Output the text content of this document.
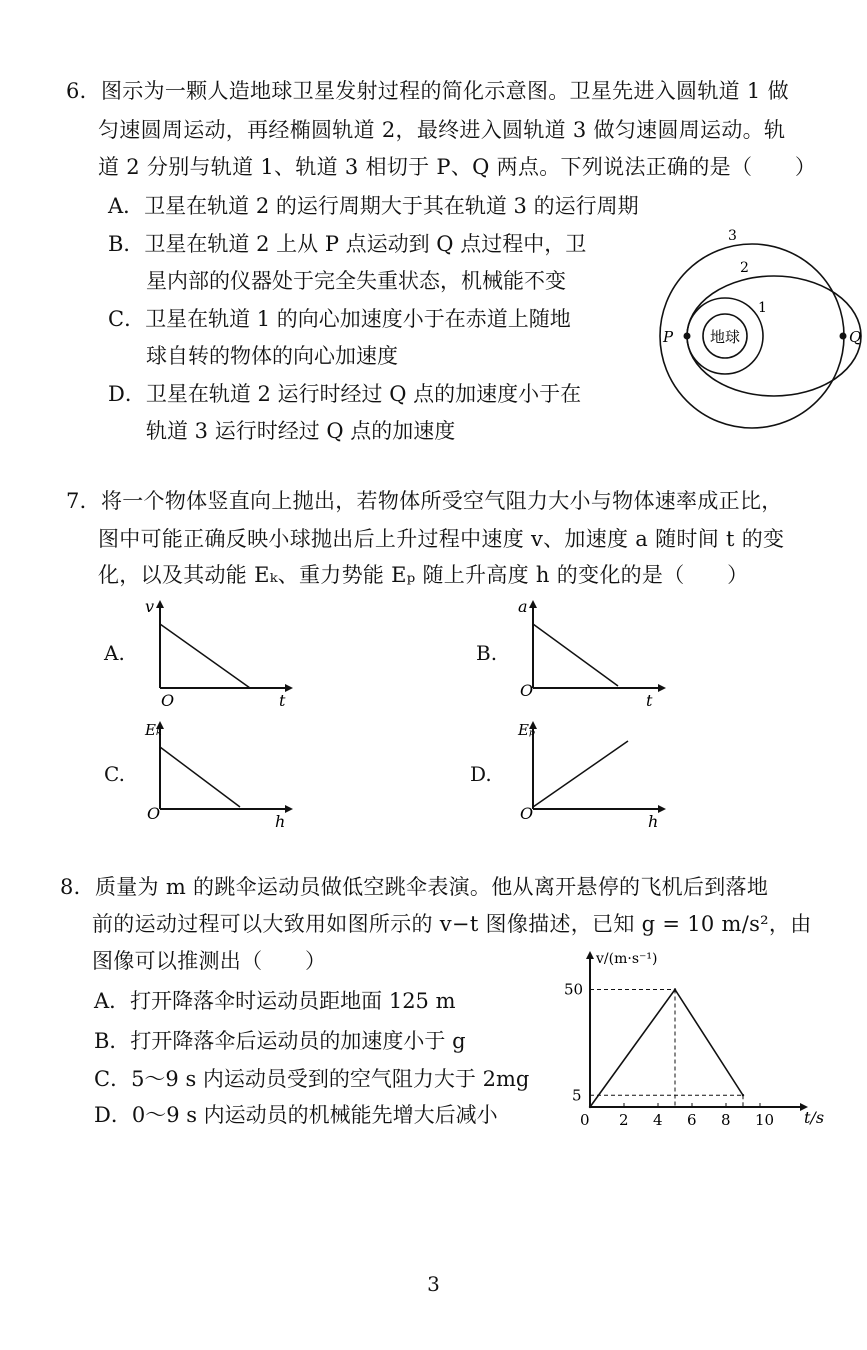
6．图示为一颗人造地球卫星发射过程的简化示意图。卫星先进入圆轨道 1 做
匀速圆周运动，再经椭圆轨道 2，最终进入圆轨道 3 做匀速圆周运动。轨
道 2 分别与轨道 1、轨道 3 相切于 P、Q 两点。下列说法正确的是（　　）
A．卫星在轨道 2 的运行周期大于其在轨道 3 的运行周期
B．卫星在轨道 2 上从 P 点运动到 Q 点过程中，卫
星内部的仪器处于完全失重状态，机械能不变
C．卫星在轨道 1 的向心加速度小于在赤道上随地
球自转的物体的向心加速度
D．卫星在轨道 2 运行时经过 Q 点的加速度小于在
轨道 3 运行时经过 Q 点的加速度
地球
P	Q
1
2
3
7．将一个物体竖直向上抛出，若物体所受空气阻力大小与物体速率成正比，
图中可能正确反映小球抛出后上升过程中速度 v、加速度 a 随时间 t 的变
化，以及其动能 Eₖ、重力势能 Eₚ 随上升高度 h 的变化的是（　　）
A.	B.
C.	D.
v
t
O
a
t
O
Eₖ
h
O
Eₚ
h
O
8．质量为 m 的跳伞运动员做低空跳伞表演。他从离开悬停的飞机后到落地
前的运动过程可以大致用如图所示的 v−t 图像描述，已知 g = 10 m/s²，由
图像可以推测出（　　）
A．打开降落伞时运动员距地面 125 m
B．打开降落伞后运动员的加速度小于 g
C．5～9 s 内运动员受到的空气阻力大于 2mg
D．0～9 s 内运动员的机械能先增大后减小
v/(m·s⁻¹)
t/s
0 2 4 6 8 10
5
50
3
